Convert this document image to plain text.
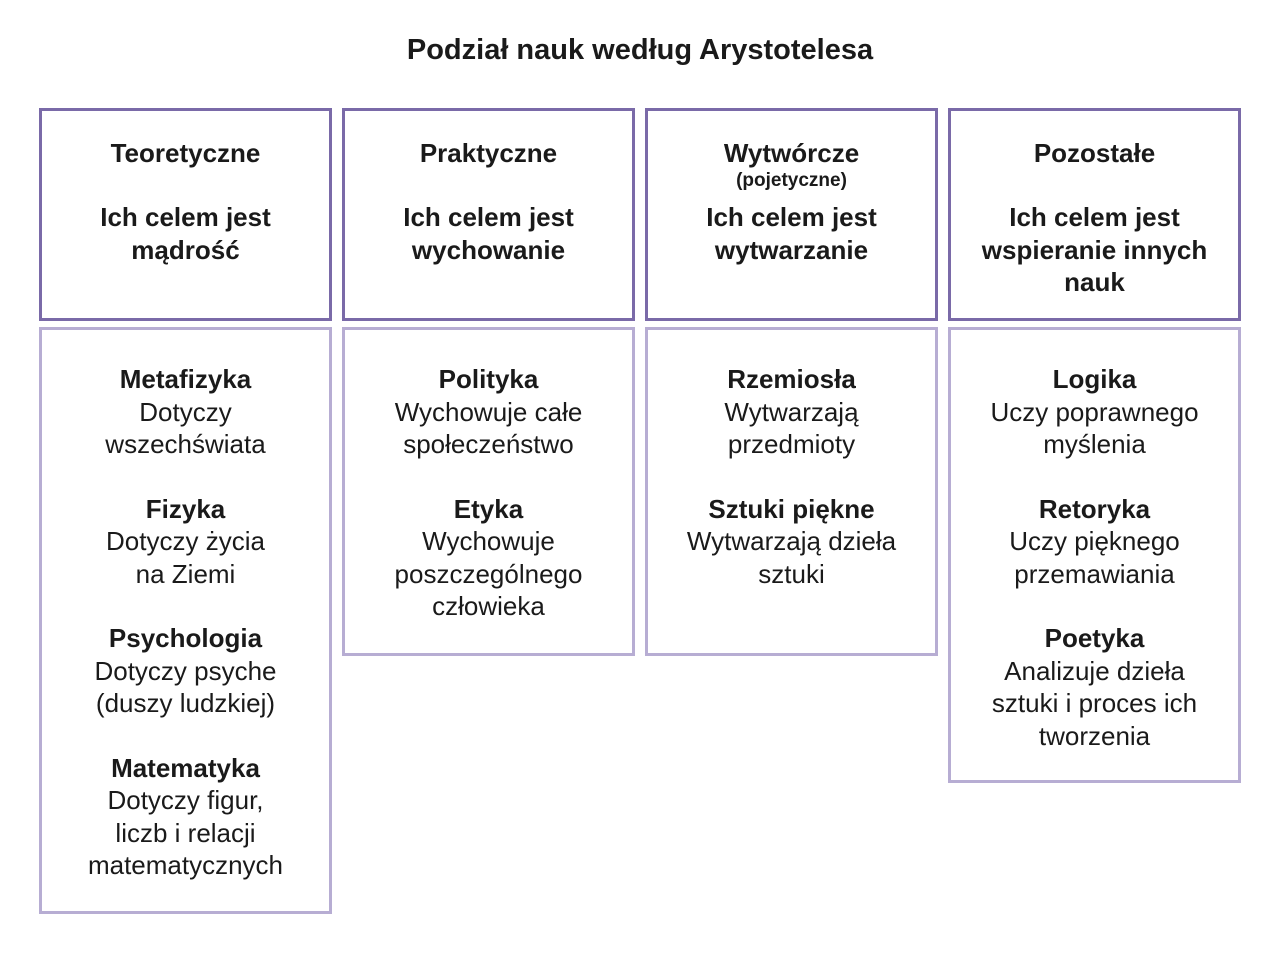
Podział nauk według Arystotelesa
Teoretyczne
Ich celem jest
mądrość
Metafizyka
Dotyczy
wszechświata
Fizyka
Dotyczy życia
na Ziemi
Psychologia
Dotyczy psyche
(duszy ludzkiej)
Matematyka
Dotyczy figur,
liczb i relacji
matematycznych
Praktyczne
Ich celem jest
wychowanie
Polityka
Wychowuje całe
społeczeństwo
Etyka
Wychowuje
poszczególnego
człowieka
Wytwórcze
(pojetyczne)
Ich celem jest
wytwarzanie
Rzemiosła
Wytwarzają
przedmioty
Sztuki piękne
Wytwarzają dzieła
sztuki
Pozostałe
Ich celem jest
wspieranie innych
nauk
Logika
Uczy poprawnego
myślenia
Retoryka
Uczy pięknego
przemawiania
Poetyka
Analizuje dzieła
sztuki i proces ich
tworzenia
